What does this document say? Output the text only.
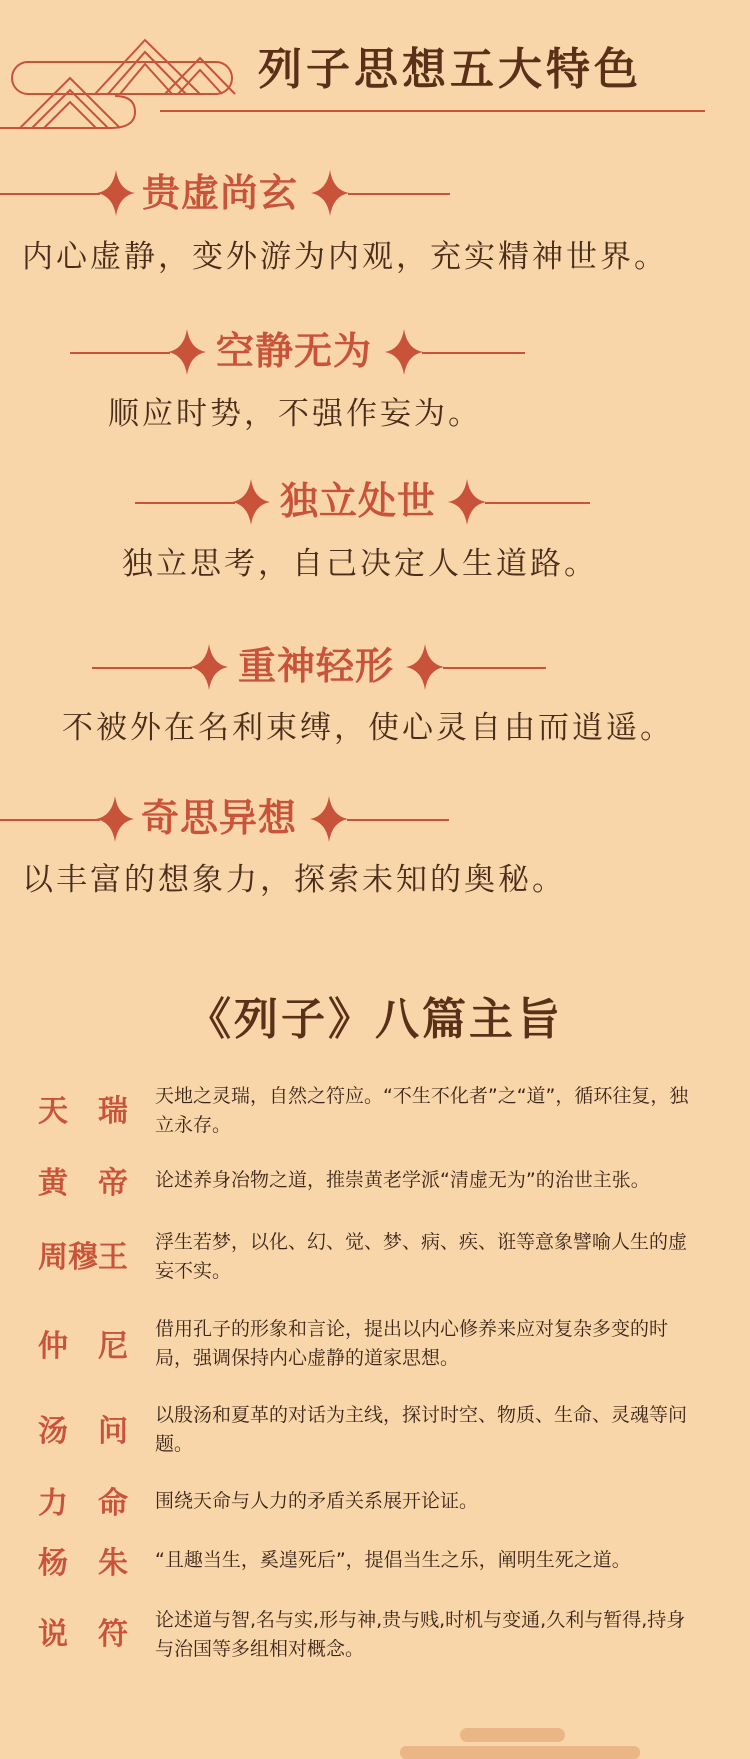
列子思想五大特色
贵虚尚玄
内心虚静，变外游为内观，充实精神世界。
空静无为
顺应时势，不强作妄为。
独立处世
独立思考，自己决定人生道路。
重神轻形
不被外在名利束缚，使心灵自由而逍遥。
奇思异想
以丰富的想象力，探索未知的奥秘。
《列子》八篇主旨
天 瑞 天地之灵瑞，自然之符应。“不生不化者”之“道”，循环往复，独立永存。
黄 帝 论述养身冶物之道，推崇黄老学派“清虚无为”的治世主张。
周穆王 浮生若梦，以化、幻、觉、梦、病、疾、诳等意象譬喻人生的虚妄不实。
仲 尼 借用孔子的形象和言论，提出以内心修养来应对复杂多变的时局，强调保持内心虚静的道家思想。
汤 问 以殷汤和夏革的对话为主线，探讨时空、物质、生命、灵魂等问题。
力 命 围绕天命与人力的矛盾关系展开论证。
杨 朱 “且趣当生，奚遑死后”，提倡当生之乐，阐明生死之道。
说 符 论述道与智,名与实,形与神,贵与贱,时机与变通,久利与暂得,持身与治国等多组相对概念。
